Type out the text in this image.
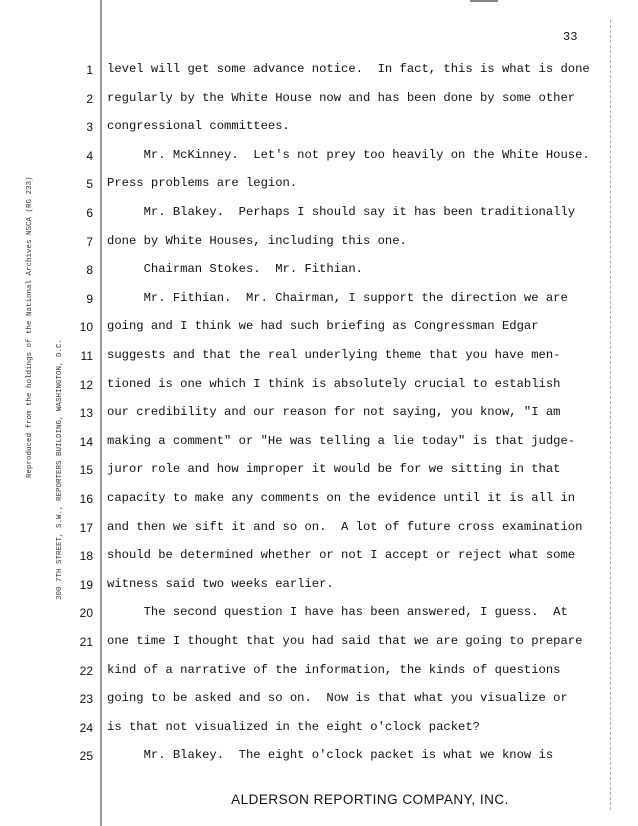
33
Reproduced from the holdings of the National Archives NSCA (RG 233)	300 7TH STREET, S.W., REPORTERS BUILDING, WASHINGTON, D.C.
1 level will get some advance notice.  In fact, this is what is done
2 regularly by the White House now and has been done by some other
3 congressional committees.
4 Mr. McKinney.  Let's not prey too heavily on the White House.
5 Press problems are legion.
6 Mr. Blakey.  Perhaps I should say it has been traditionally
7 done by White Houses, including this one.
8 Chairman Stokes.  Mr. Fithian.
9 Mr. Fithian.  Mr. Chairman, I support the direction we are
10 going and I think we had such briefing as Congressman Edgar
11 suggests and that the real underlying theme that you have men-
12 tioned is one which I think is absolutely crucial to establish
13 our credibility and our reason for not saying, you know, "I am
14 making a comment" or "He was telling a lie today" is that judge-
15 juror role and how improper it would be for we sitting in that
16 capacity to make any comments on the evidence until it is all in
17 and then we sift it and so on.  A lot of future cross examination
18 should be determined whether or not I accept or reject what some
19 witness said two weeks earlier.
20 The second question I have has been answered, I guess.  At
21 one time I thought that you had said that we are going to prepare
22 kind of a narrative of the information, the kinds of questions
23 going to be asked and so on.  Now is that what you visualize or
24 is that not visualized in the eight o'clock packet?
25 Mr. Blakey.  The eight o'clock packet is what we know is
ALDERSON REPORTING COMPANY, INC.
